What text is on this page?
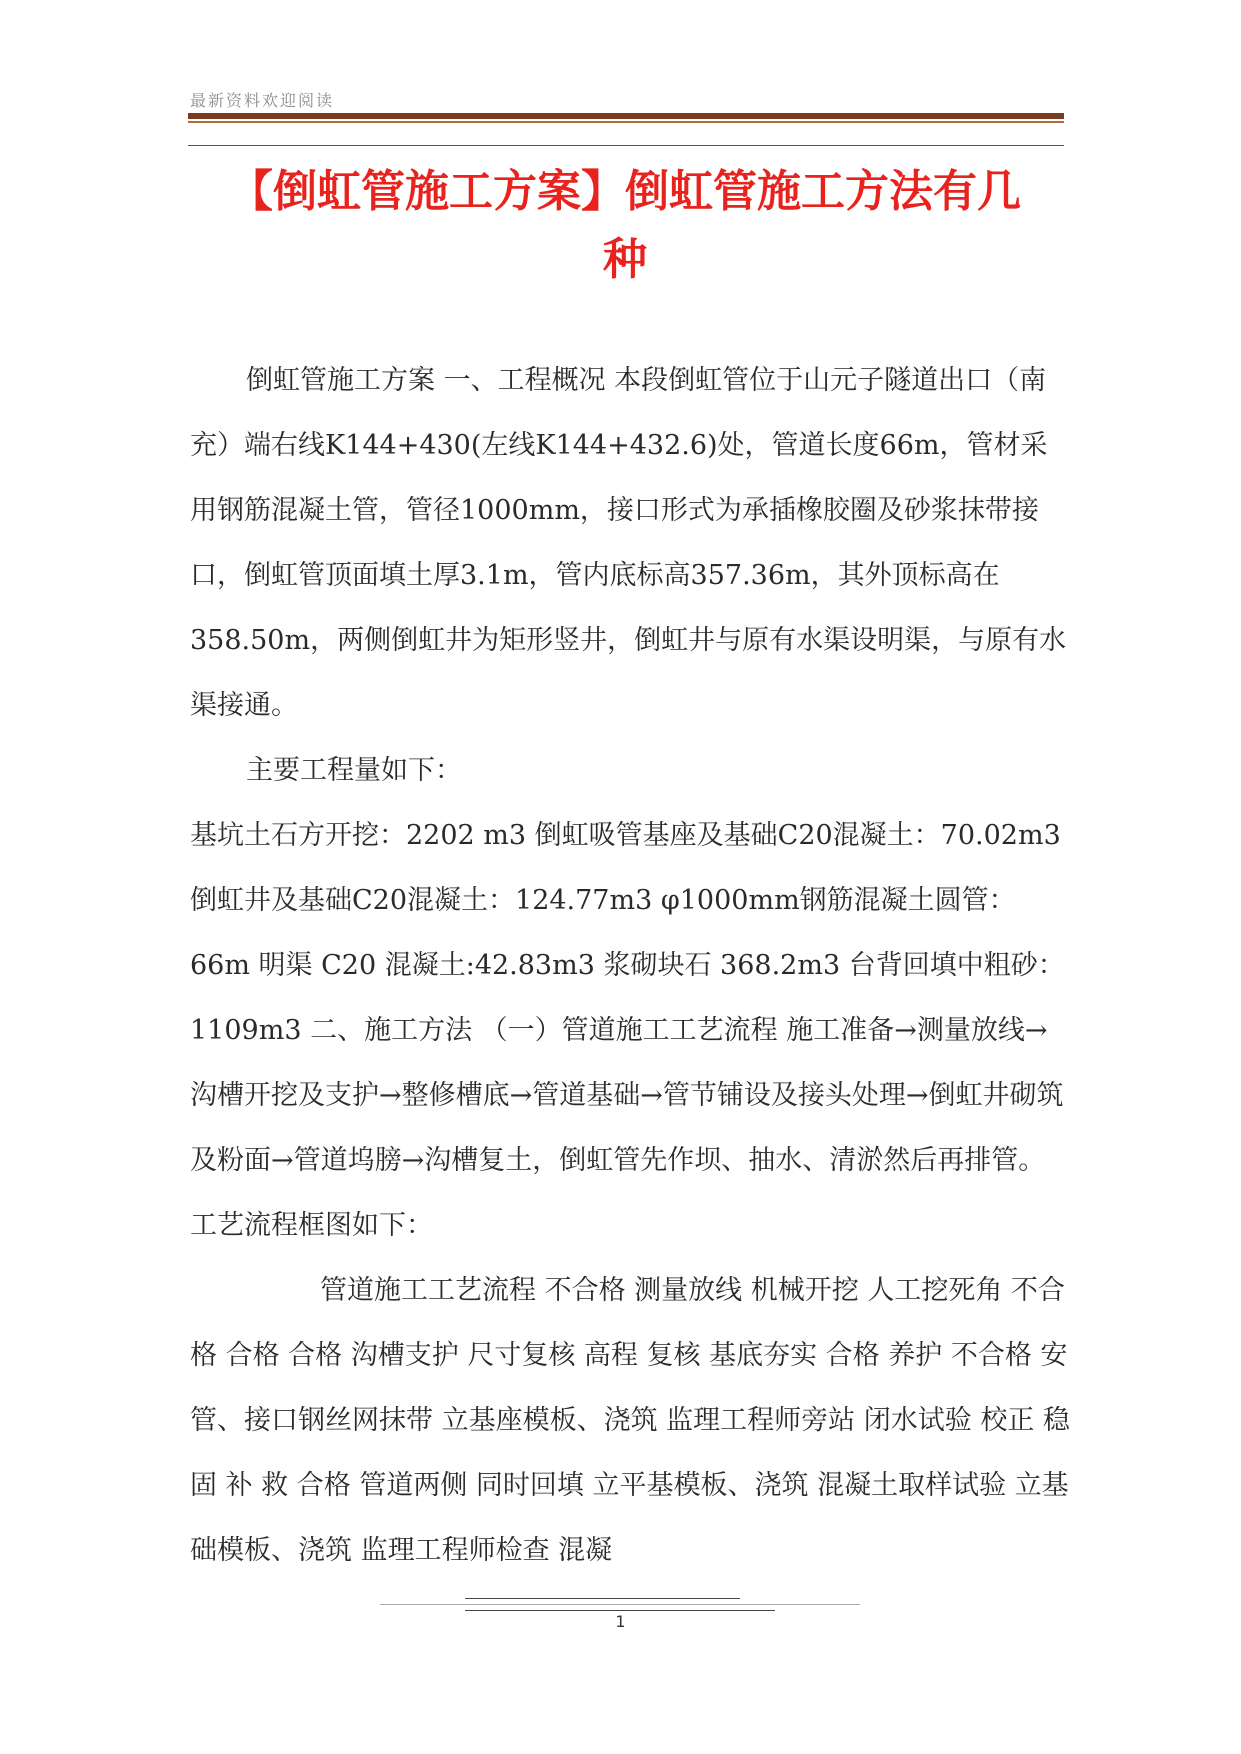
最新资料欢迎阅读
【倒虹管施工方案】倒虹管施工方法有几
种

倒虹管施工方案 一、工程概况 本段倒虹管位于山元子隧道出口（南充）端右线K144+430(左线K144+432.6)处，管道长度66m，管材采用钢筋混凝土管，管径1000mm，接口形式为承插橡胶圈及砂浆抹带接口，倒虹管顶面填土厚3.1m，管内底标高357.36m，其外顶标高在358.50m，两侧倒虹井为矩形竖井，倒虹井与原有水渠设明渠，与原有水渠接通。

主要工程量如下：

基坑土石方开挖：2202 m3 倒虹吸管基座及基础C20混凝土：70.02m3 倒虹井及基础C20混凝土：124.77m3 φ1000mm钢筋混凝土圆管：66m 明渠 C20 混凝土:42.83m3 浆砌块石 368.2m3 台背回填中粗砂：1109m3 二、施工方法 （一）管道施工工艺流程 施工准备→测量放线→沟槽开挖及支护→整修槽底→管道基础→管节铺设及接头处理→倒虹井砌筑及粉面→管道坞膀→沟槽复土，倒虹管先作坝、抽水、清淤然后再排管。工艺流程框图如下：

管道施工工艺流程 不合格 测量放线 机械开挖 人工挖死角 不合格 合格 合格 沟槽支护 尺寸复核 高程 复核 基底夯实 合格 养护 不合格 安管、接口钢丝网抹带 立基座模板、浇筑 监理工程师旁站 闭水试验 校正 稳固 补 救 合格 管道两侧 同时回填 立平基模板、浇筑 混凝土取样试验 立基础模板、浇筑 监理工程师检查 混凝

1
